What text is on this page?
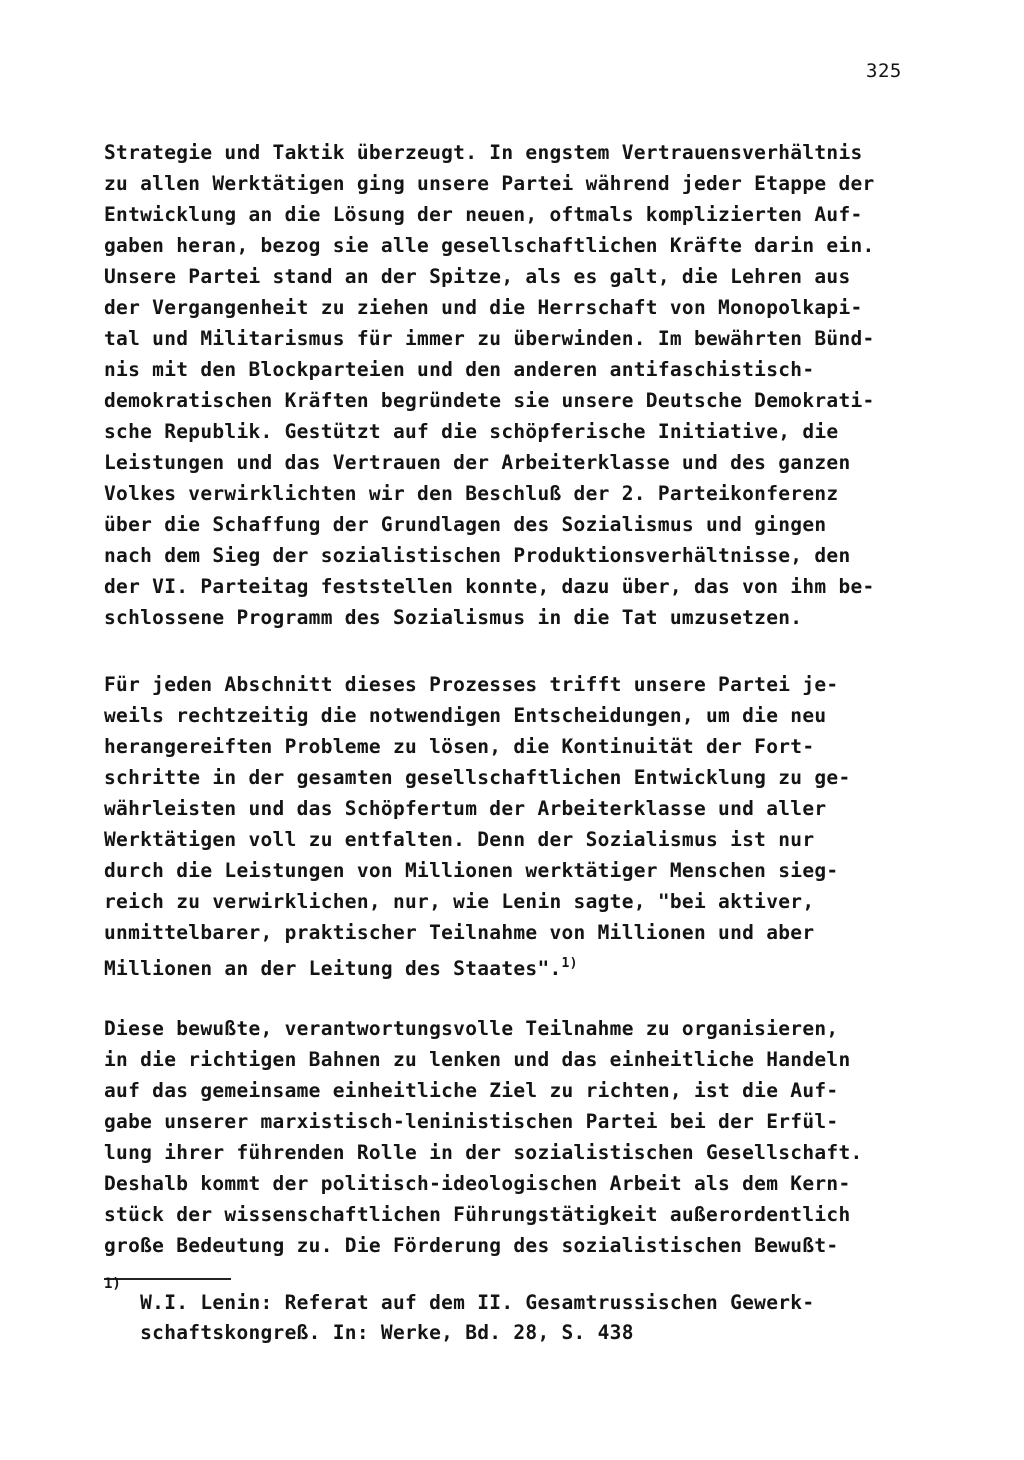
325
Strategie und Taktik überzeugt. In engstem Vertrauensverhältnis
zu allen Werktätigen ging unsere Partei während jeder Etappe der
Entwicklung an die Lösung der neuen, oftmals komplizierten Auf-
gaben heran, bezog sie alle gesellschaftlichen Kräfte darin ein.
Unsere Partei stand an der Spitze, als es galt, die Lehren aus
der Vergangenheit zu ziehen und die Herrschaft von Monopolkapi-
tal und Militarismus für immer zu überwinden. Im bewährten Bünd-
nis mit den Blockparteien und den anderen antifaschistisch-
demokratischen Kräften begründete sie unsere Deutsche Demokrati-
sche Republik. Gestützt auf die schöpferische Initiative, die
Leistungen und das Vertrauen der Arbeiterklasse und des ganzen
Volkes verwirklichten wir den Beschluß der 2. Parteikonferenz
über die Schaffung der Grundlagen des Sozialismus und gingen
nach dem Sieg der sozialistischen Produktionsverhältnisse, den
der VI. Parteitag feststellen konnte, dazu über, das von ihm be-
schlossene Programm des Sozialismus in die Tat umzusetzen.
Für jeden Abschnitt dieses Prozesses trifft unsere Partei je-
weils rechtzeitig die notwendigen Entscheidungen, um die neu
herangereiften Probleme zu lösen, die Kontinuität der Fort-
schritte in der gesamten gesellschaftlichen Entwicklung zu ge-
währleisten und das Schöpfertum der Arbeiterklasse und aller
Werktätigen voll zu entfalten. Denn der Sozialismus ist nur
durch die Leistungen von Millionen werktätiger Menschen sieg-
reich zu verwirklichen, nur, wie Lenin sagte, "bei aktiver,
unmittelbarer, praktischer Teilnahme von Millionen und aber
Millionen an der Leitung des Staates".$^{1)}$
Diese bewußte, verantwortungsvolle Teilnahme zu organisieren,
in die richtigen Bahnen zu lenken und das einheitliche Handeln
auf das gemeinsame einheitliche Ziel zu richten, ist die Auf-
gabe unserer marxistisch-leninistischen Partei bei der Erfül-
lung ihrer führenden Rolle in der sozialistischen Gesellschaft.
Deshalb kommt der politisch-ideologischen Arbeit als dem Kern-
stück der wissenschaftlichen Führungstätigkeit außerordentlich
große Bedeutung zu. Die Förderung des sozialistischen Bewußt-
1)
W.I. Lenin: Referat auf dem II. Gesamtrussischen Gewerk-
schaftskongreß. In: Werke, Bd. 28, S. 438
